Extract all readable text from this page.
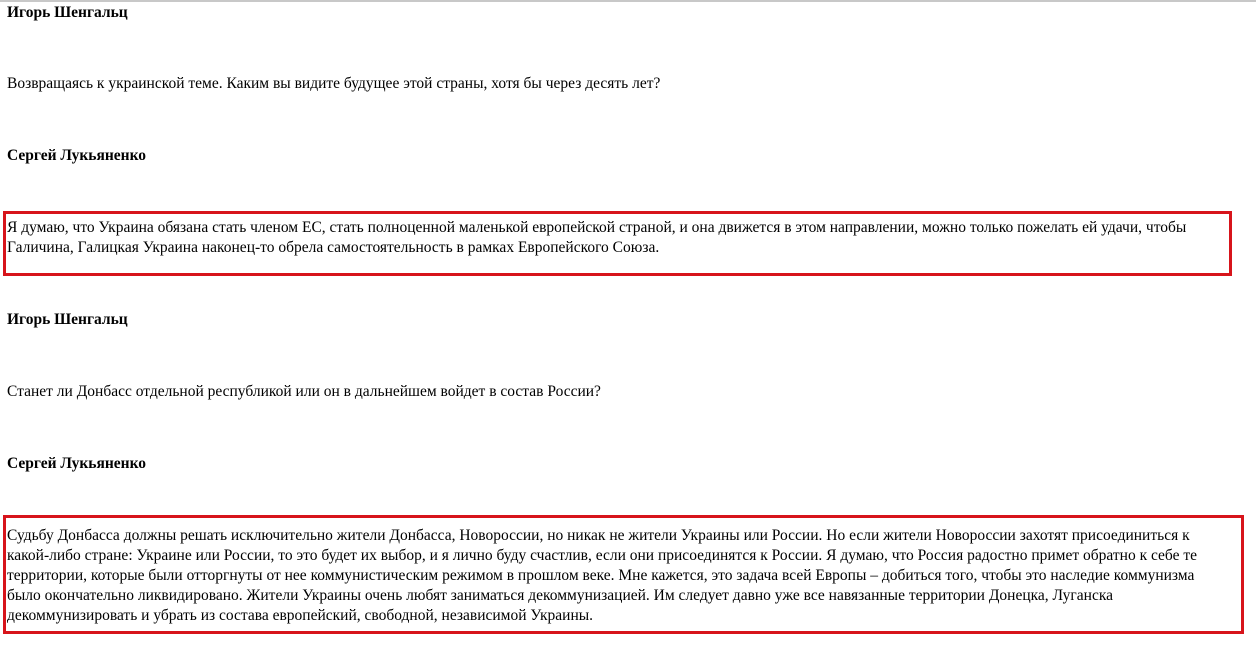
Игорь Шенгальц

Возвращаясь к украинской теме. Каким вы видите будущее этой страны, хотя бы через десять лет?

Сергей Лукьяненко

Я думаю, что Украина обязана стать членом ЕС, стать полноценной маленькой европейской страной, и она движется в этом направлении, можно только пожелать ей удачи, чтобы
Галичина, Галицкая Украина наконец-то обрела самостоятельность в рамках Европейского Союза.

Игорь Шенгальц

Станет ли Донбасс отдельной республикой или он в дальнейшем войдет в состав России?

Сергей Лукьяненко

Судьбу Донбасса должны решать исключительно жители Донбасса, Новороссии, но никак не жители Украины или России. Но если жители Новороссии захотят присоединиться к
какой-либо стране: Украине или России, то это будет их выбор, и я лично буду счастлив, если они присоединятся к России. Я думаю, что Россия радостно примет обратно к себе те
территории, которые были отторгнуты от нее коммунистическим режимом в прошлом веке. Мне кажется, это задача всей Европы – добиться того, чтобы это наследие коммунизма
было окончательно ликвидировано. Жители Украины очень любят заниматься декоммунизацией. Им следует давно уже все навязанные территории Донецка, Луганска
декоммунизировать и убрать из состава европейский, свободной, независимой Украины.
